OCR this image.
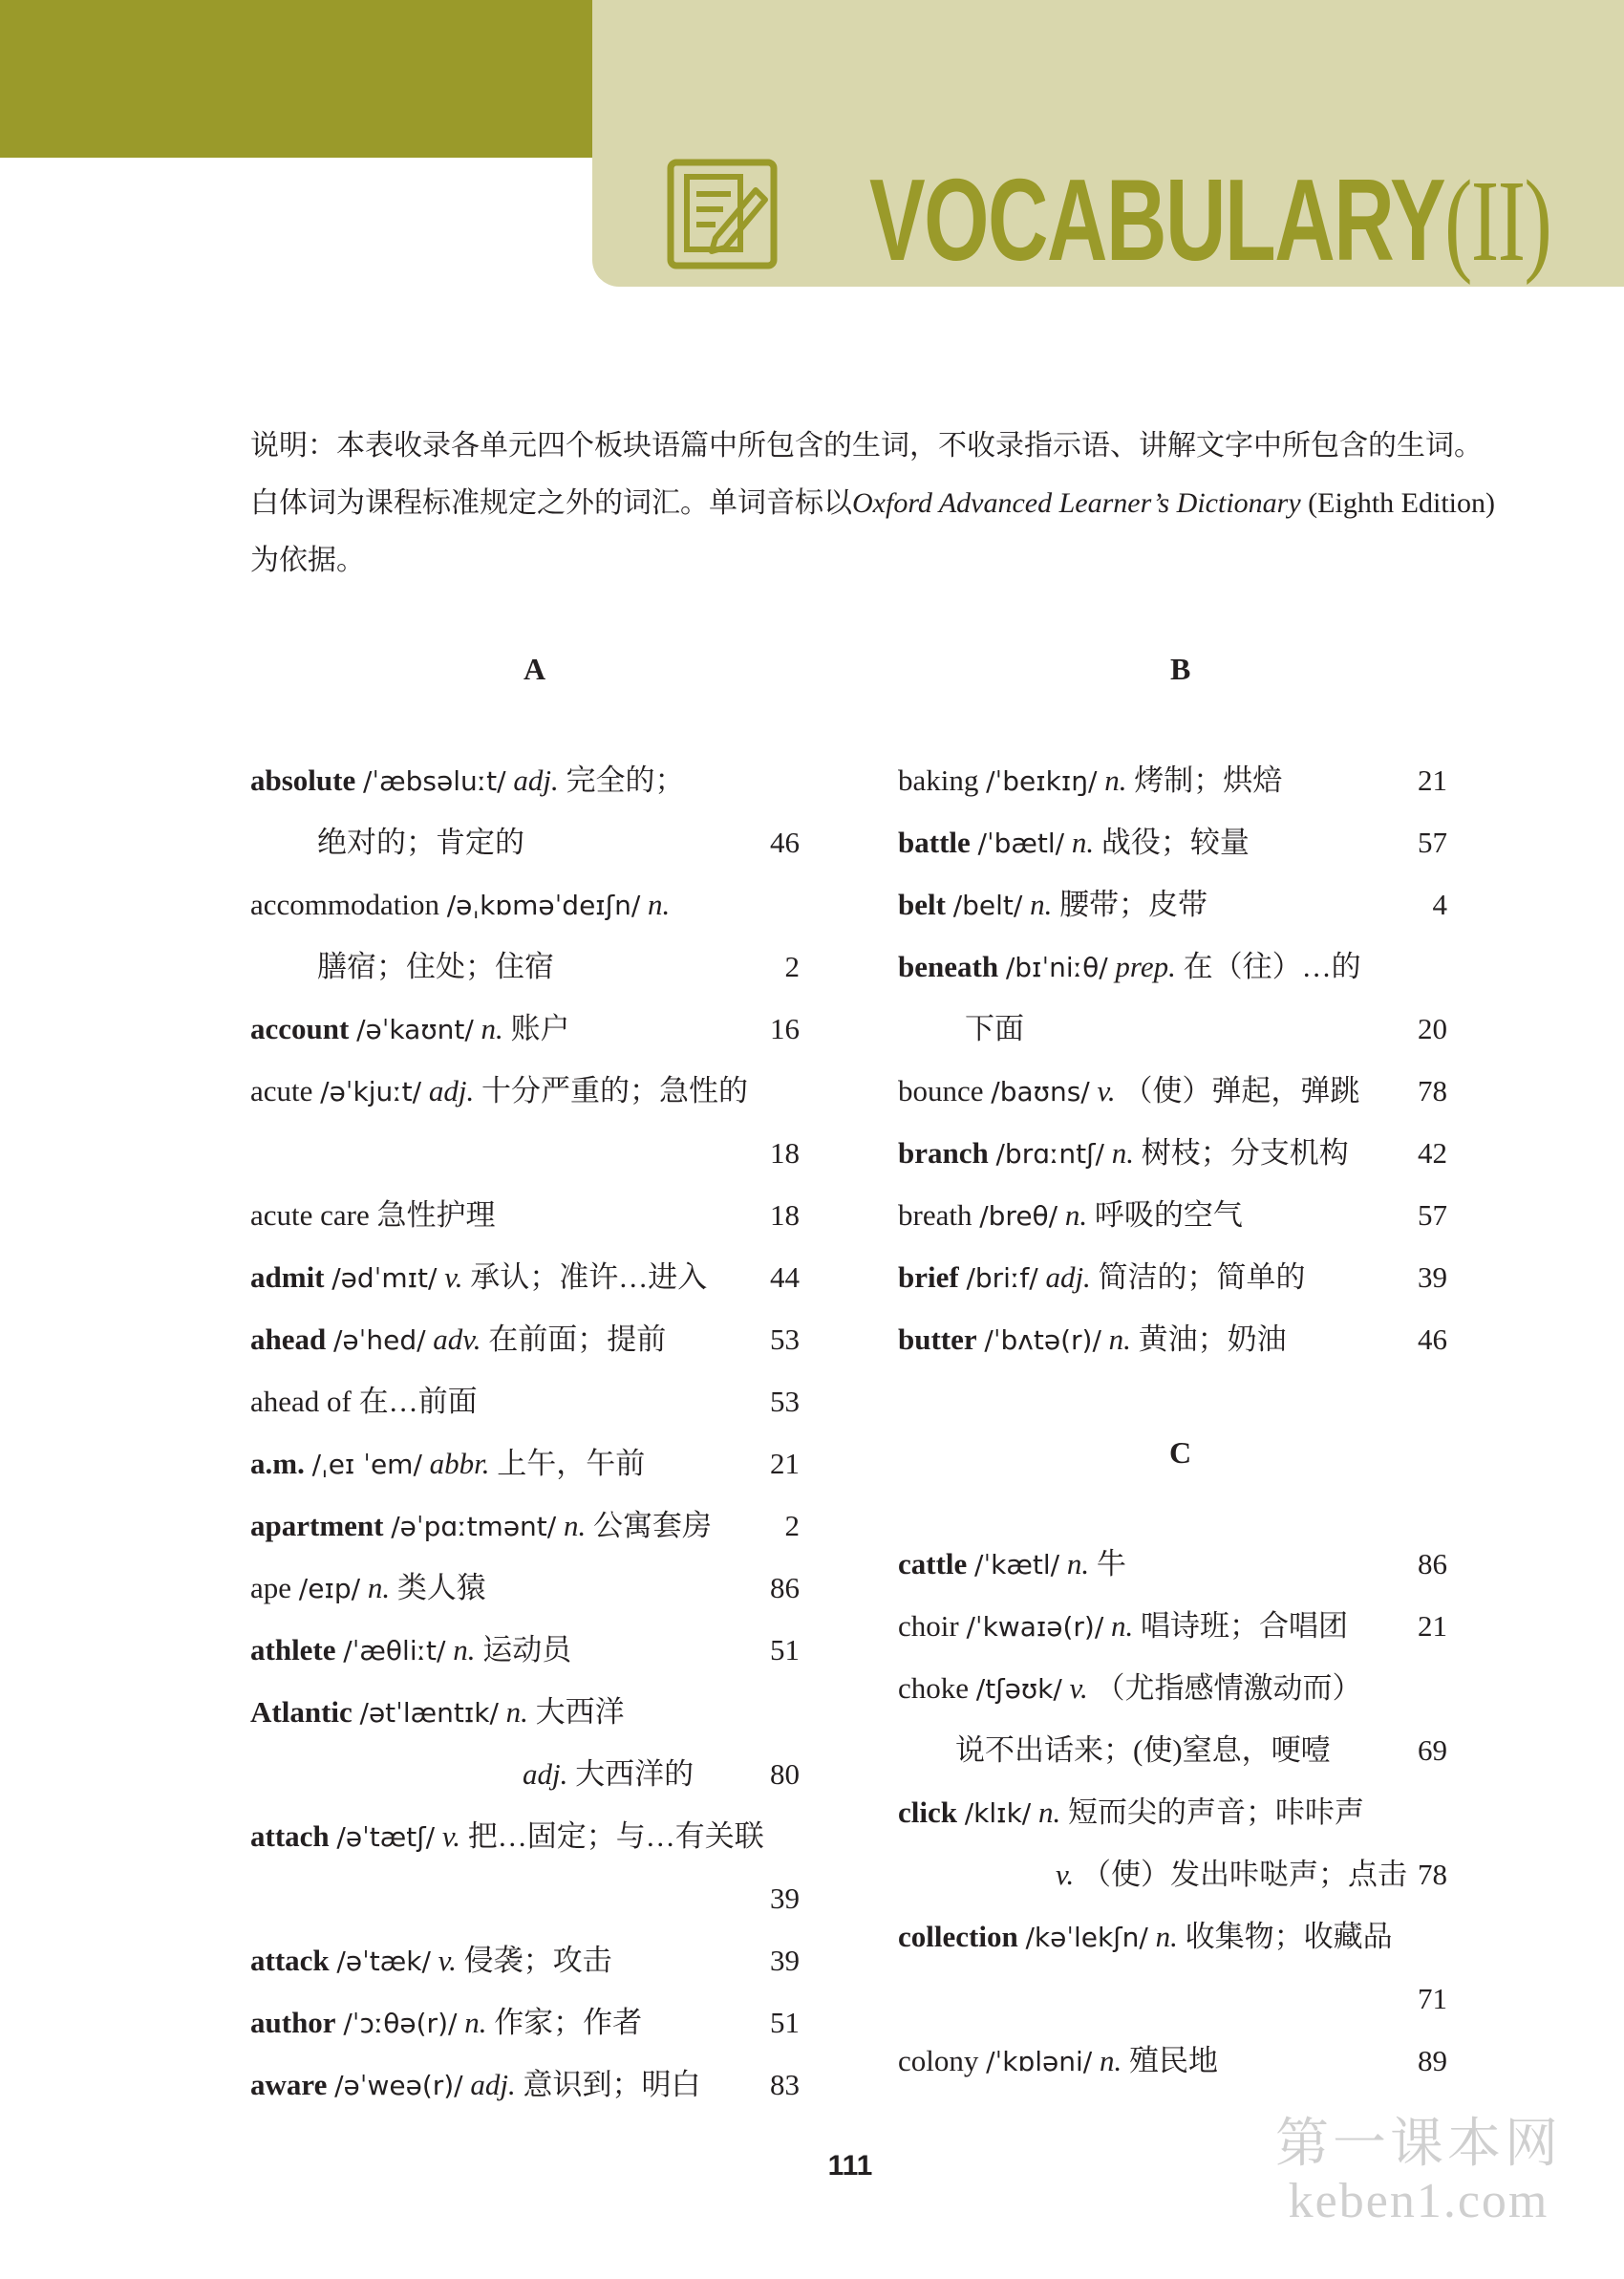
VOCABULARY(II)

说明：本表收录各单元四个板块语篇中所包含的生词，不收录指示语、讲解文字中所包含的生词。

白体词为课程标准规定之外的词汇。单词音标以Oxford Advanced Learner’s Dictionary (Eighth Edition)

为依据。

A	B
C
absolute /ˈæbsəluːt/ adj. 完全的；
绝对的；肯定的	46
accommodation /əˌkɒməˈdeɪʃn/ n.
膳宿；住处；住宿	2
account /əˈkaʊnt/ n. 账户	16
acute /əˈkjuːt/ adj. 十分严重的；急性的
18
acute care 急性护理	18
admit /ədˈmɪt/ v. 承认；准许…进入 44
ahead /əˈhed/ adv. 在前面；提前	53
ahead of 在…前面	53
a.m. /ˌeɪ ˈem/ abbr. 上午，午前	21
apartment /əˈpɑːtmənt/ n. 公寓套房 2
ape /eɪp/ n. 类人猿	86
athlete /ˈæθliːt/ n. 运动员	51
Atlantic /ətˈlæntɪk/ n. 大西洋
adj. 大西洋的	80
attach /əˈtætʃ/ v. 把…固定；与…有关联
39
attack /əˈtæk/ v. 侵袭；攻击	39
author /ˈɔːθə(r)/ n. 作家；作者	51
aware /əˈweə(r)/ adj. 意识到；明白 83
baking /ˈbeɪkɪŋ/ n. 烤制；烘焙	21
battle /ˈbætl/ n. 战役；较量	57
belt /belt/ n. 腰带；皮带	4
beneath /bɪˈniːθ/ prep. 在（往）…的
下面	20
bounce /baʊns/ v. （使）弹起，弹跳 78
branch /brɑːntʃ/ n. 树枝；分支机构 42
breath /breθ/ n. 呼吸的空气	57
brief /briːf/ adj. 简洁的；简单的	39
butter /ˈbʌtə(r)/ n. 黄油；奶油	46
cattle /ˈkætl/ n. 牛	86
choir /ˈkwaɪə(r)/ n. 唱诗班；合唱团 21
choke /tʃəʊk/ v. （尤指感情激动而）
说不出话来；(使)窒息，哽噎	69
click /klɪk/ n. 短而尖的声音；咔咔声
v. （使）发出咔哒声；点击 78
collection /kəˈlekʃn/ n. 收集物；收藏品
71
colony /ˈkɒləni/ n. 殖民地	89
111	第一课本网
keben1.com
